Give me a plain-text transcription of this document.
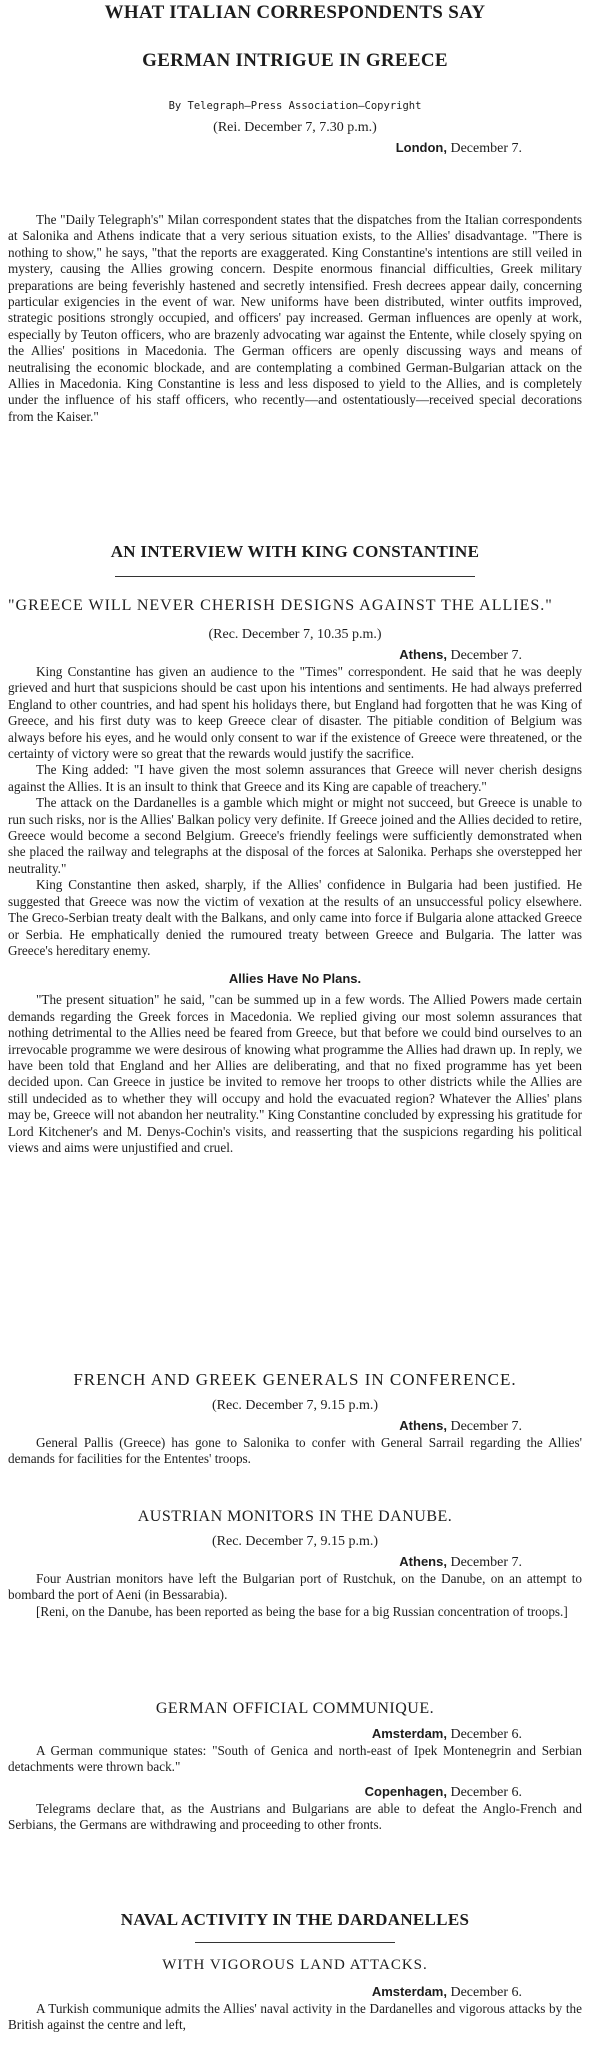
WHAT ITALIAN CORRESPONDENTS SAY
GERMAN INTRIGUE IN GREECE
By Telegraph—Press Association—Copyright
(Rei. December 7, 7.30 p.m.)
London, December 7.

The "Daily Telegraph's" Milan correspondent states that the dispatches from the Italian correspondents at Salonika and Athens indicate that a very serious situation exists, to the Allies' disadvantage. "There is nothing to show," he says, "that the reports are exaggerated. King Constantine's intentions are still veiled in mystery, causing the Allies growing concern. Despite enormous financial difficulties, Greek military preparations are being feverishly hastened and secretly intensified. Fresh decrees appear daily, concerning particular exigencies in the event of war. New uniforms have been distributed, winter outfits improved, strategic positions strongly occupied, and officers' pay increased. German influences are openly at work, especially by Teuton officers, who are brazenly advocating war against the Entente, while closely spying on the Allies' positions in Macedonia. The German officers are openly discussing ways and means of neutralising the economic blockade, and are contemplating a combined German-Bulgarian attack on the Allies in Macedonia. King Constantine is less and less disposed to yield to the Allies, and is completely under the influence of his staff officers, who recently—and ostentatiously—received special decorations from the Kaiser."

AN INTERVIEW WITH KING CONSTANTINE
"GREECE WILL NEVER CHERISH DESIGNS AGAINST THE ALLIES."
(Rec. December 7, 10.35 p.m.)
Athens, December 7.

King Constantine has given an audience to the "Times" correspondent. He said that he was deeply grieved and hurt that suspicions should be cast upon his intentions and sentiments. He had always preferred England to other countries, and had spent his holidays there, but England had forgotten that he was King of Greece, and his first duty was to keep Greece clear of disaster. The pitiable condition of Belgium was always before his eyes, and he would only consent to war if the existence of Greece were threatened, or the certainty of victory were so great that the rewards would justify the sacrifice.

The King added: "I have given the most solemn assurances that Greece will never cherish designs against the Allies. It is an insult to think that Greece and its King are capable of treachery."

The attack on the Dardanelles is a gamble which might or might not succeed, but Greece is unable to run such risks, nor is the Allies' Balkan policy very definite. If Greece joined and the Allies decided to retire, Greece would become a second Belgium. Greece's friendly feelings were sufficiently demonstrated when she placed the railway and telegraphs at the disposal of the forces at Salonika. Perhaps she overstepped her neutrality."

King Constantine then asked, sharply, if the Allies' confidence in Bulgaria had been justified. He suggested that Greece was now the victim of vexation at the results of an unsuccessful policy elsewhere. The Greco-Serbian treaty dealt with the Balkans, and only came into force if Bulgaria alone attacked Greece or Serbia. He emphatically denied the rumoured treaty between Greece and Bulgaria. The latter was Greece's hereditary enemy.

Allies Have No Plans.

"The present situation" he said, "can be summed up in a few words. The Allied Powers made certain demands regarding the Greek forces in Macedonia. We replied giving our most solemn assurances that nothing detrimental to the Allies need be feared from Greece, but that before we could bind ourselves to an irrevocable programme we were desirous of knowing what programme the Allies had drawn up. In reply, we have been told that England and her Allies are deliberating, and that no fixed programme has yet been decided upon. Can Greece in justice be invited to remove her troops to other districts while the Allies are still undecided as to whether they will occupy and hold the evacuated region? Whatever the Allies' plans may be, Greece will not abandon her neutrality." King Constantine concluded by expressing his gratitude for Lord Kitchener's and M. Denys-Cochin's visits, and reasserting that the suspicions regarding his political views and aims were unjustified and cruel.

FRENCH AND GREEK GENERALS IN CONFERENCE.
(Rec. December 7, 9.15 p.m.)
Athens, December 7.

General Pallis (Greece) has gone to Salonika to confer with General Sarrail regarding the Allies' demands for facilities for the Ententes' troops.

AUSTRIAN MONITORS IN THE DANUBE.
(Rec. December 7, 9.15 p.m.)
Athens, December 7.

Four Austrian monitors have left the Bulgarian port of Rustchuk, on the Danube, on an attempt to bombard the port of Aeni (in Bessarabia).

[Reni, on the Danube, has been reported as being the base for a big Russian concentration of troops.]

GERMAN OFFICIAL COMMUNIQUE.
Amsterdam, December 6.

A German communique states: "South of Genica and north-east of Ipek Montenegrin and Serbian detachments were thrown back."

Copenhagen, December 6.

Telegrams declare that, as the Austrians and Bulgarians are able to defeat the Anglo-French and Serbians, the Germans are withdrawing and proceeding to other fronts.

NAVAL ACTIVITY IN THE DARDANELLES
WITH VIGOROUS LAND ATTACKS.
Amsterdam, December 6.

A Turkish communique admits the Allies' naval activity in the Dardanelles and vigorous attacks by the British against the centre and left,
